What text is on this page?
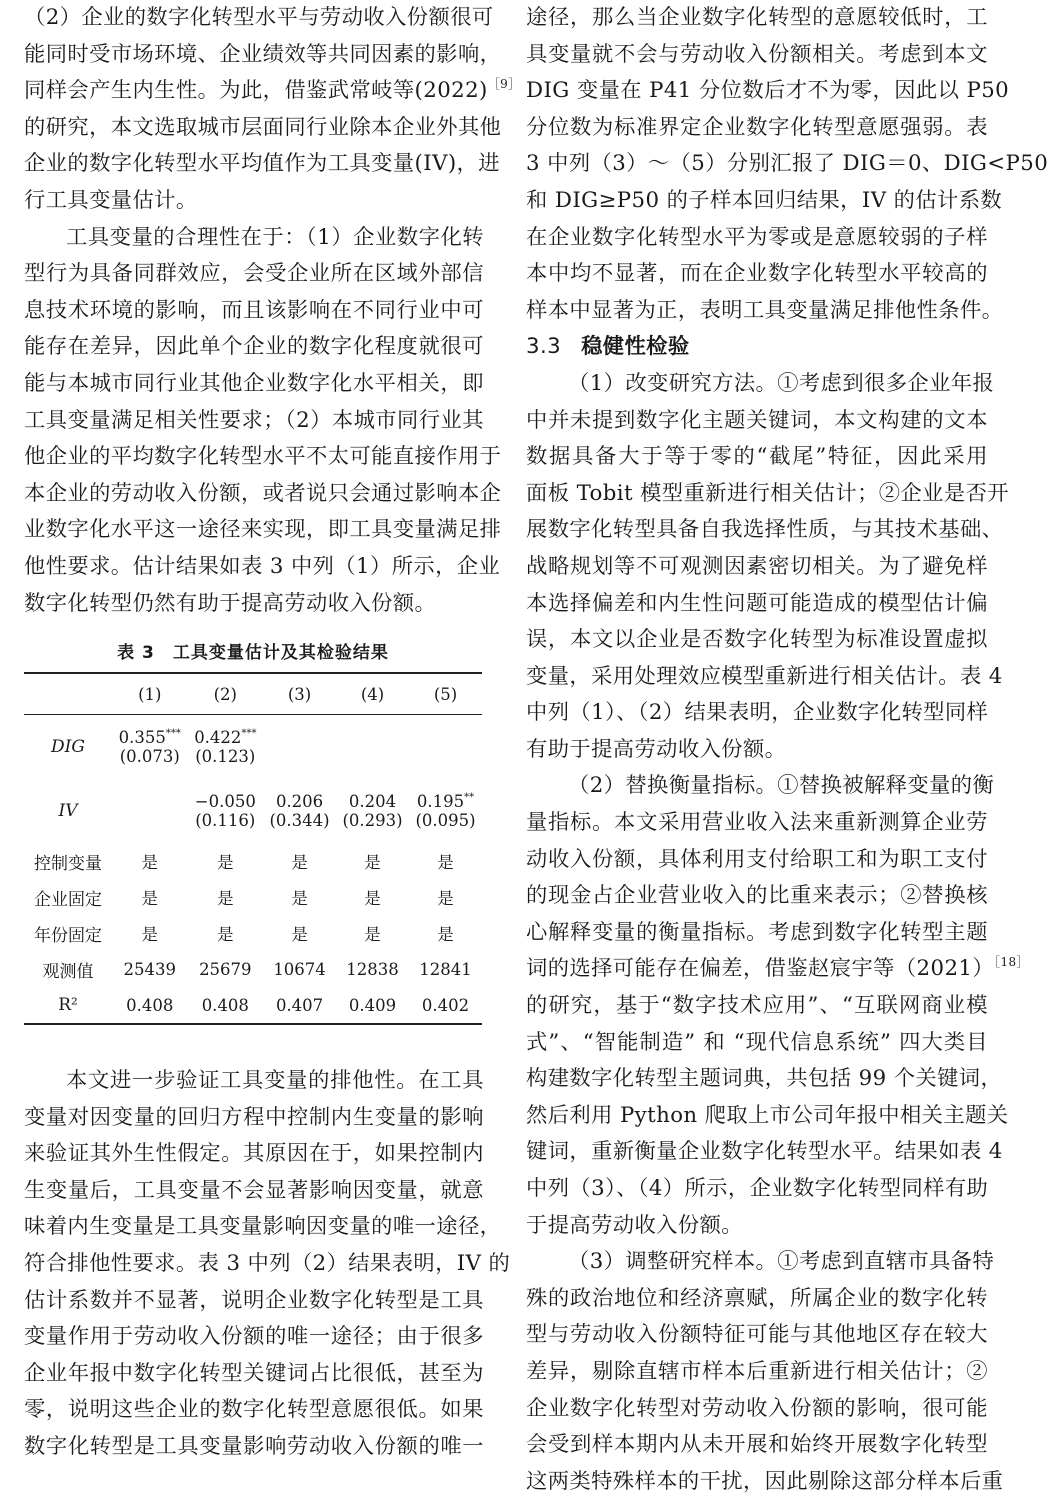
（2）企业的数字化转型水平与劳动收入份额很可
能同时受市场环境、企业绩效等共同因素的影响，
同样会产生内生性。为此，借鉴武常岐等$(2022)^{[9]}$
的研究，本文选取城市层面同行业除本企业外其他
企业的数字化转型水平均值作为工具变量(IV)，进
行工具变量估计。
工具变量的合理性在于：（1）企业数字化转
型行为具备同群效应，会受企业所在区域外部信
息技术环境的影响，而且该影响在不同行业中可
能存在差异，因此单个企业的数字化程度就很可
能与本城市同行业其他企业数字化水平相关，即
工具变量满足相关性要求；（2）本城市同行业其
他企业的平均数字化转型水平不太可能直接作用于
本企业的劳动收入份额，或者说只会通过影响本企
业数字化水平这一途径来实现，即工具变量满足排
他性要求。估计结果如表 3 中列（1）所示，企业
数字化转型仍然有助于提高劳动收入份额。
本文进一步验证工具变量的排他性。在工具
变量对因变量的回归方程中控制内生变量的影响
来验证其外生性假定。其原因在于，如果控制内
生变量后，工具变量不会显著影响因变量，就意
味着内生变量是工具变量影响因变量的唯一途径，
符合排他性要求。表 3 中列（2）结果表明，IV 的
估计系数并不显著，说明企业数字化转型是工具
变量作用于劳动收入份额的唯一途径；由于很多
企业年报中数字化转型关键词占比很低，甚至为
零，说明这些企业的数字化转型意愿很低。如果
数字化转型是工具变量影响劳动收入份额的唯一
途径，那么当企业数字化转型的意愿较低时，工
具变量就不会与劳动收入份额相关。考虑到本文
DIG 变量在 P41 分位数后才不为零，因此以 P50
分位数为标准界定企业数字化转型意愿强弱。表
3 中列（3）～（5）分别汇报了 DIG＝0、DIG<P50
和 DIG≥P50 的子样本回归结果，IV 的估计系数
在企业数字化转型水平为零或是意愿较弱的子样
本中均不显著，而在企业数字化转型水平较高的
样本中显著为正，表明工具变量满足排他性条件。
3.3 稳健性检验
（1）改变研究方法。①考虑到很多企业年报
中并未提到数字化主题关键词，本文构建的文本
数据具备大于等于零的“截尾”特征，因此采用
面板 Tobit 模型重新进行相关估计；②企业是否开
展数字化转型具备自我选择性质，与其技术基础、
战略规划等不可观测因素密切相关。为了避免样
本选择偏差和内生性问题可能造成的模型估计偏
误，本文以企业是否数字化转型为标准设置虚拟
变量，采用处理效应模型重新进行相关估计。表 4
中列（1）、（2）结果表明，企业数字化转型同样
有助于提高劳动收入份额。
（2）替换衡量指标。①替换被解释变量的衡
量指标。本文采用营业收入法来重新测算企业劳
动收入份额，具体利用支付给职工和为职工支付
的现金占企业营业收入的比重来表示；②替换核
心解释变量的衡量指标。考虑到数字化转型主题
词的选择可能存在偏差，借鉴赵宸宇等$(2021)^{[18]}$
的研究，基于“数字技术应用”、“互联网商业模
式”、“智能制造” 和 “现代信息系统” 四大类目
构建数字化转型主题词典，共包括 99 个关键词，
然后利用 Python 爬取上市公司年报中相关主题关
键词，重新衡量企业数字化转型水平。结果如表 4
中列（3）、（4）所示，企业数字化转型同样有助
于提高劳动收入份额。
（3）调整研究样本。①考虑到直辖市具备特
殊的政治地位和经济禀赋，所属企业的数字化转
型与劳动收入份额特征可能与其他地区存在较大
差异，剔除直辖市样本后重新进行相关估计；②
企业数字化转型对劳动收入份额的影响，很可能
会受到样本期内从未开展和始终开展数字化转型
这两类特殊样本的干扰，因此剔除这部分样本后重
表 3　工具变量估计及其检验结果
	(1)	(2)	(3)	(4)	(5)
DIG	0.355***	0.422***			
	(0.073)	(0.123)			
IV		−0.050	0.206	0.204	0.195**
		(0.116)	(0.344)	(0.293)	(0.095)
控制变量	是	是	是	是	是
企业固定	是	是	是	是	是
年份固定	是	是	是	是	是
观测值	25439	25679	10674	12838	12841
R²	0.408	0.408	0.407	0.409	0.402
